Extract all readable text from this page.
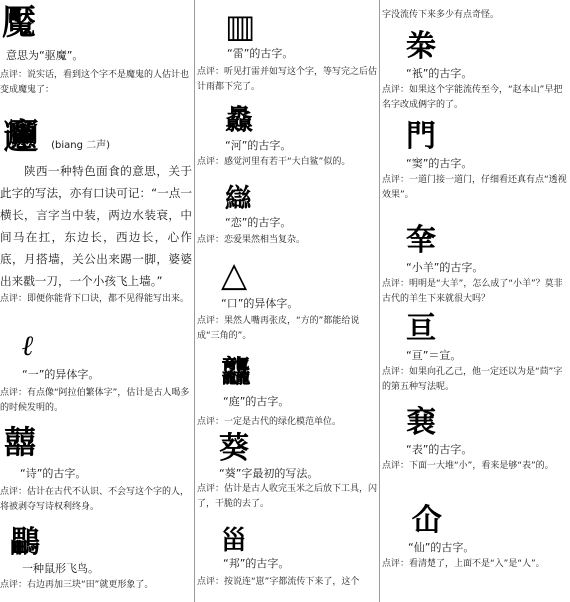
魘
意思为“驱魔”。
点评：说实话，看到这个字不是魔鬼的人估计也变成魔鬼了：
𰻞 (biang 二声)
陕西一种特色面食的意思，关于此字的写法，亦有口诀可记：“一点一横长，言字当中装，两边水装衰，中间马在扛，东边长，西边长，心作底，月搭墙，关公出来踢一脚，婆婆出来戳一刀，一个小孩飞上墙。”
点评：即便你能背下口诀，都不见得能写出来。
ℓ
“一”的异体字。
点评：有点像“阿拉伯繁体字”，估计是古人喝多的时候发明的。
囍
“诗”的古字。
点评：估计在古代不认识、不会写这个字的人，将被剥夺写诗权利终身。
鸓
一种鼠形飞鸟。
点评：右边再加三块“田”就更形象了。
▥
“雷”的古字。
点评：听见打雷并如写这个字，等写完之后估计雨都下完了。
灥
“河”的古字。
点评：感觉河里有若干“大白鲨”似的。
䜌
“恋”的古字。
点评：恋爱果然相当复杂。
△
“口”的异体字。
点评：果然人嘴再张皮，“方的”都能给说成“三角的”。
龘
“庭”的古字。
点评：一定是古代的绿化模范单位。
葵
“葵”字最初的写法。
点评：估计是古人收完玉米之后放下工具，闪了，干脆的去了。
甾
“邦”的古字。
点评：按说连“崽”字都流传下来了，这个
字没流传下来多少有点奇怪。
桊
“衹”的古字。
点评：如果这个字能流传至今，“赵本山”早把名字改成俩字的了。
門
“窦”的古字。
点评：一道门接一道门，仔细看还真有点“透视效果”。
羍
“小羊”的古字。
点评：明明是“大羊”，怎么成了“小羊”？莫非古代的羊生下来就很大吗？
亘
“亘”＝宣。
点评：如果向孔乙己，他一定还以为是“茴”字的第五种写法呢。
㐮
“表”的古字。
点评：下面一大堆“小”，看来是够“表”的。
仚
“仙”的古字。
点评：看清楚了，上面不是“入”是“人”。
